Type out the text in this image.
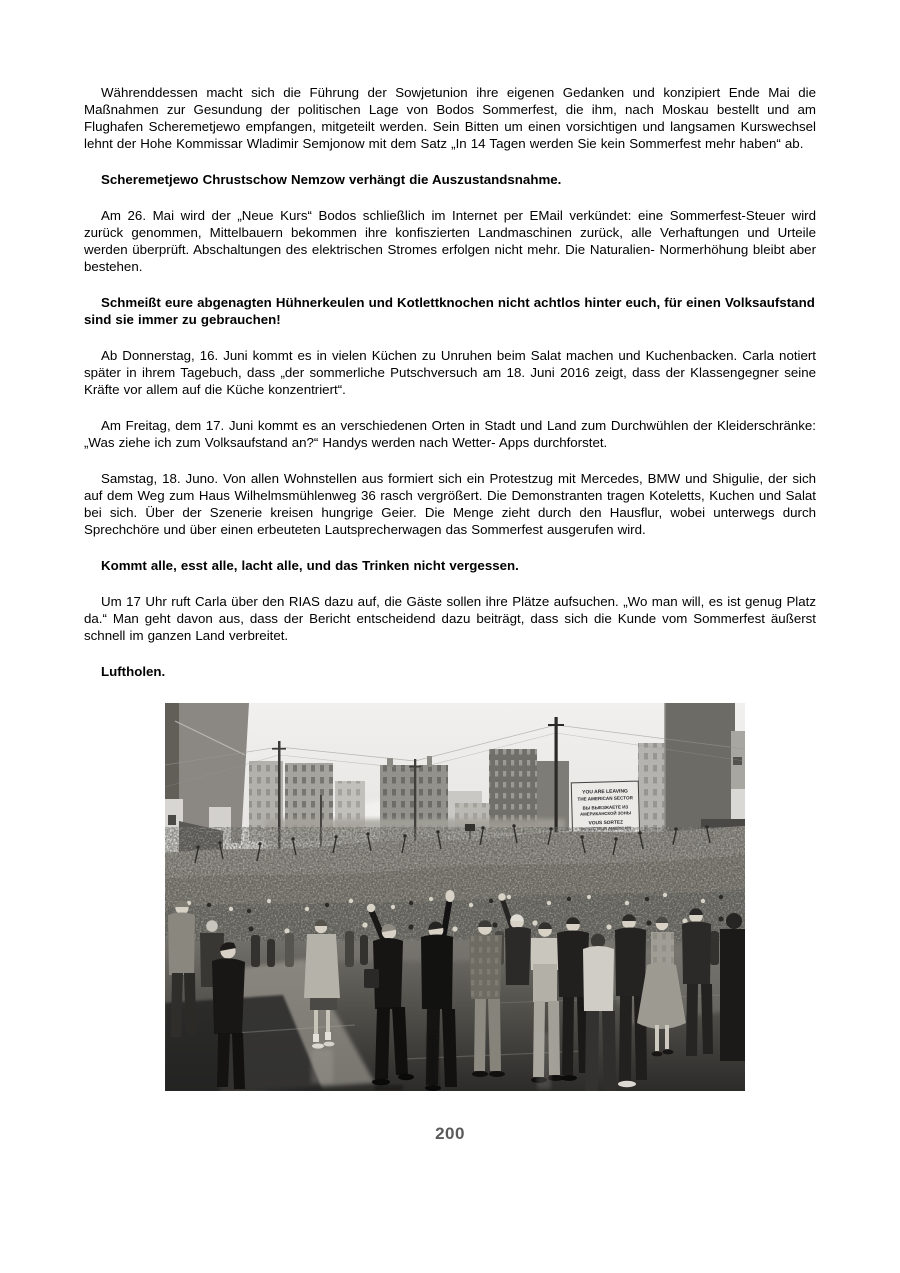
Währenddessen macht sich die Führung der Sowjetunion ihre eigenen Gedanken und konzipiert Ende Mai die Maßnahmen zur Gesundung der politischen Lage von Bodos Sommerfest, die ihm, nach Moskau bestellt und am Flughafen Scheremetjewo empfangen, mitgeteilt werden. Sein Bitten um einen vorsichtigen und langsamen Kurswechsel lehnt der Hohe Kommissar Wladimir Semjonow mit dem Satz „In 14 Tagen werden Sie kein Sommerfest mehr haben“ ab.

Scheremetjewo Chrustschow Nemzow verhängt die Auszustandsnahme.

Am 26. Mai wird der „Neue Kurs“ Bodos schließlich im Internet per EMail verkündet: eine Sommerfest-Steuer wird zurück genommen, Mittelbauern bekommen ihre konfiszierten Landmaschinen zurück, alle Verhaftungen und Urteile werden überprüft. Abschaltungen des elektrischen Stromes erfolgen nicht mehr. Die Naturalien- Normerhöhung bleibt aber bestehen.

Schmeißt eure abgenagten Hühnerkeulen und Kotlettknochen nicht achtlos hinter euch, für einen Volksaufstand sind sie immer zu gebrauchen!

Ab Donnerstag, 16. Juni kommt es in vielen Küchen zu Unruhen beim Salat machen und Kuchenbacken. Carla notiert später in ihrem Tagebuch, dass „der sommerliche Putschversuch am 18. Juni 2016 zeigt, dass der Klassengegner seine Kräfte vor allem auf die Küche konzentriert“.

Am Freitag, dem 17. Juni kommt es an verschiedenen Orten in Stadt und Land zum Durchwühlen der Kleiderschränke: „Was ziehe ich zum Volksaufstand an?“ Handys werden nach Wetter- Apps durchforstet.

Samstag, 18. Juno. Von allen Wohnstellen aus formiert sich ein Protestzug mit Mercedes, BMW und Shigulie, der sich auf dem Weg zum Haus Wilhelmsmühlenweg 36 rasch vergrößert. Die Demonstranten tragen Koteletts, Kuchen und Salat bei sich. Über der Szenerie kreisen hungrige Geier. Die Menge zieht durch den Hausflur, wobei unterwegs durch Sprechchöre und über einen erbeuteten Lautsprecherwagen das Sommerfest ausgerufen wird.

Kommt alle, esst alle, lacht alle, und das Trinken nicht vergessen.

Um 17 Uhr ruft Carla über den RIAS dazu auf, die Gäste sollen ihre Plätze aufsuchen. „Wo man will, es ist genug Platz da.“ Man geht davon aus, dass der Bericht entscheidend dazu beiträgt, dass sich die Kunde vom Sommerfest äußerst schnell im ganzen Land verbreitet.

Luftholen.

YOU ARE LEAVING
THE AMERICAN SECTOR
ВЫ ВЫЕЗЖАЕТЕ ИЗ
АМЕРИКАНСКОЙ ЗОНЫ
VOUS SORTEZ
200
